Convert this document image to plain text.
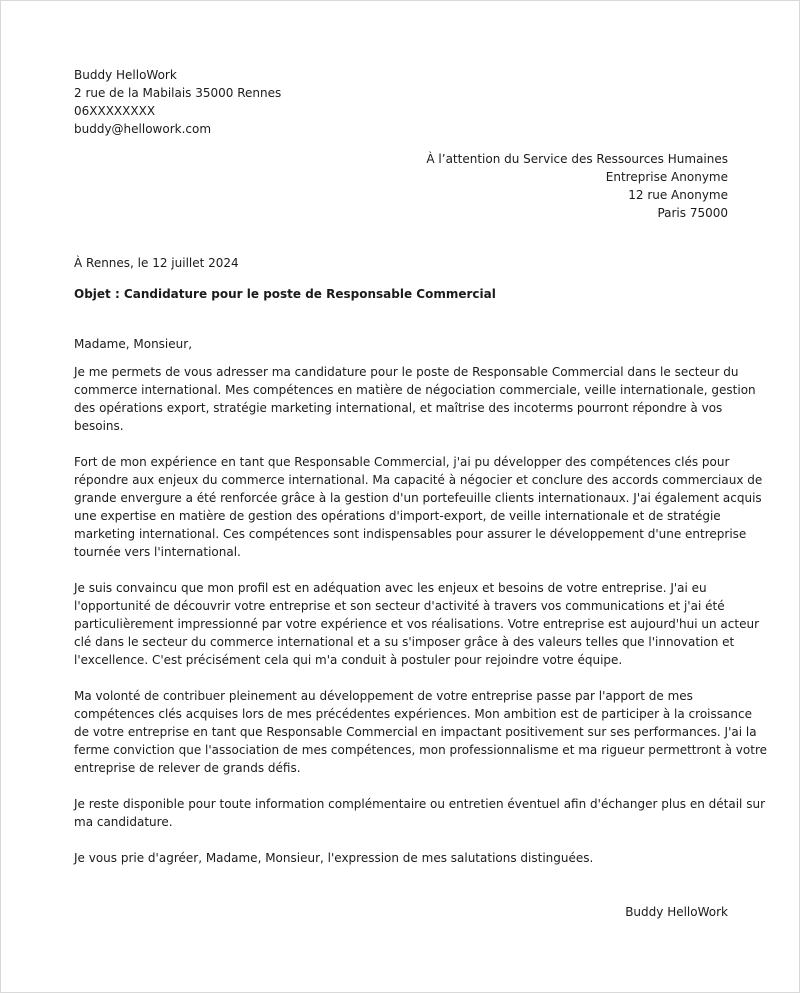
Buddy HelloWork
2 rue de la Mabilais 35000 Rennes
06XXXXXXXX
buddy@hellowork.com
À l’attention du Service des Ressources Humaines
Entreprise Anonyme
12 rue Anonyme
Paris 75000
À Rennes, le 12 juillet 2024
Objet : Candidature pour le poste de Responsable Commercial
Madame, Monsieur,
Je me permets de vous adresser ma candidature pour le poste de Responsable Commercial dans le secteur du
commerce international. Mes compétences en matière de négociation commerciale, veille internationale, gestion
des opérations export, stratégie marketing international, et maîtrise des incoterms pourront répondre à vos
besoins.
Fort de mon expérience en tant que Responsable Commercial, j'ai pu développer des compétences clés pour
répondre aux enjeux du commerce international. Ma capacité à négocier et conclure des accords commerciaux de
grande envergure a été renforcée grâce à la gestion d'un portefeuille clients internationaux. J'ai également acquis
une expertise en matière de gestion des opérations d'import-export, de veille internationale et de stratégie
marketing international. Ces compétences sont indispensables pour assurer le développement d'une entreprise
tournée vers l'international.
Je suis convaincu que mon profil est en adéquation avec les enjeux et besoins de votre entreprise. J'ai eu
l'opportunité de découvrir votre entreprise et son secteur d'activité à travers vos communications et j'ai été
particulièrement impressionné par votre expérience et vos réalisations. Votre entreprise est aujourd'hui un acteur
clé dans le secteur du commerce international et a su s'imposer grâce à des valeurs telles que l'innovation et
l'excellence. C'est précisément cela qui m'a conduit à postuler pour rejoindre votre équipe.
Ma volonté de contribuer pleinement au développement de votre entreprise passe par l'apport de mes
compétences clés acquises lors de mes précédentes expériences. Mon ambition est de participer à la croissance
de votre entreprise en tant que Responsable Commercial en impactant positivement sur ses performances. J'ai la
ferme conviction que l'association de mes compétences, mon professionnalisme et ma rigueur permettront à votre
entreprise de relever de grands défis.
Je reste disponible pour toute information complémentaire ou entretien éventuel afin d'échanger plus en détail sur
ma candidature.
Je vous prie d'agréer, Madame, Monsieur, l'expression de mes salutations distinguées.
Buddy HelloWork
